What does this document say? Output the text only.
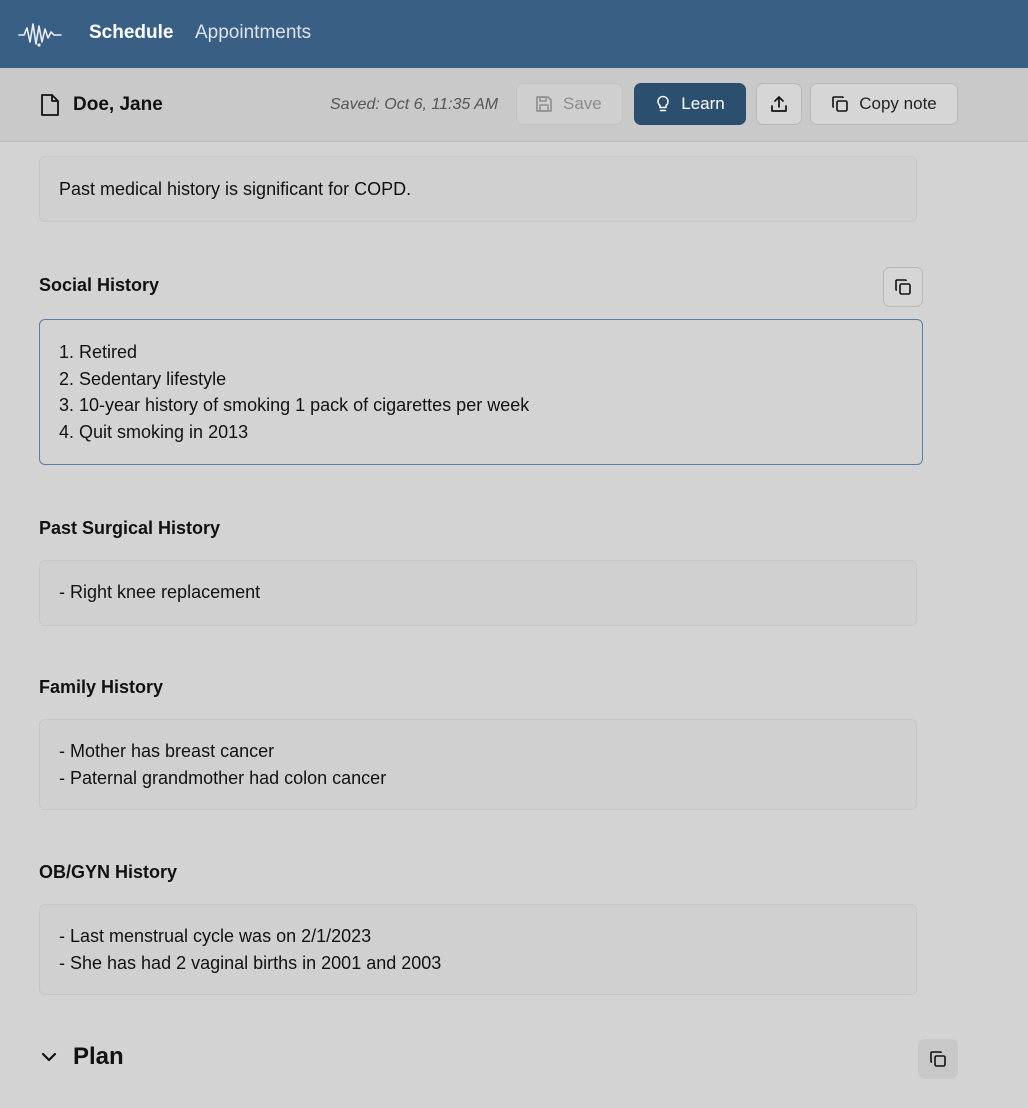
Schedule Appointments
Doe, Jane	Saved: Oct 6, 11:35 AM	Save	Learn	Copy note
Past medical history is significant for COPD.
Social History
1. Retired
2. Sedentary lifestyle
3. 10-year history of smoking 1 pack of cigarettes per week
4. Quit smoking in 2013
Past Surgical History
- Right knee replacement
Family History
- Mother has breast cancer
- Paternal grandmother had colon cancer
OB/GYN History
- Last menstrual cycle was on 2/1/2023
- She has had 2 vaginal births in 2001 and 2003
Plan
